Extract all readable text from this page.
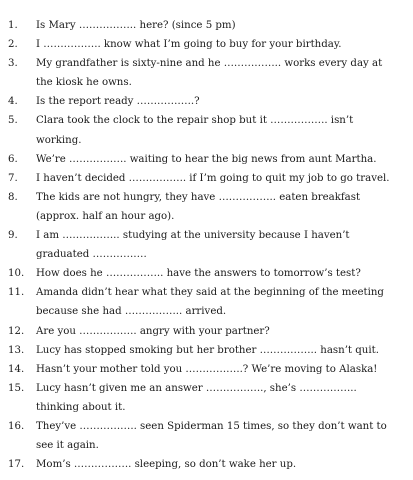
1.	Is Mary …………….. here? (since 5 pm)
2.	I …………….. know what I’m going to buy for your birthday.
3.	My grandfather is sixty-nine and he …………….. works every day at the kiosk he owns.
4.	Is the report ready ……………..?
5.	Clara took the clock to the repair shop but it …………….. isn’t working.
6.	We’re …………….. waiting to hear the big news from aunt Martha.
7.	I haven’t decided …………….. if I’m going to quit my job to go travel.
8.	The kids are not hungry, they have …………….. eaten breakfast (approx. half an hour ago).
9.	I am …………….. studying at the university because I haven’t graduated …………….
10.	How does he …………….. have the answers to tomorrow’s test?
11.	Amanda didn’t hear what they said at the beginning of the meeting because she had …………….. arrived.
12.	Are you …………….. angry with your partner?
13.	Lucy has stopped smoking but her brother …………….. hasn’t quit.
14.	Hasn’t your mother told you ……………..? We’re moving to Alaska!
15.	Lucy hasn’t given me an answer …………….., she’s …………….. thinking about it.
16.	They’ve …………….. seen Spiderman 15 times, so they don’t want to see it again.
17.	Mom’s …………….. sleeping, so don’t wake her up.
